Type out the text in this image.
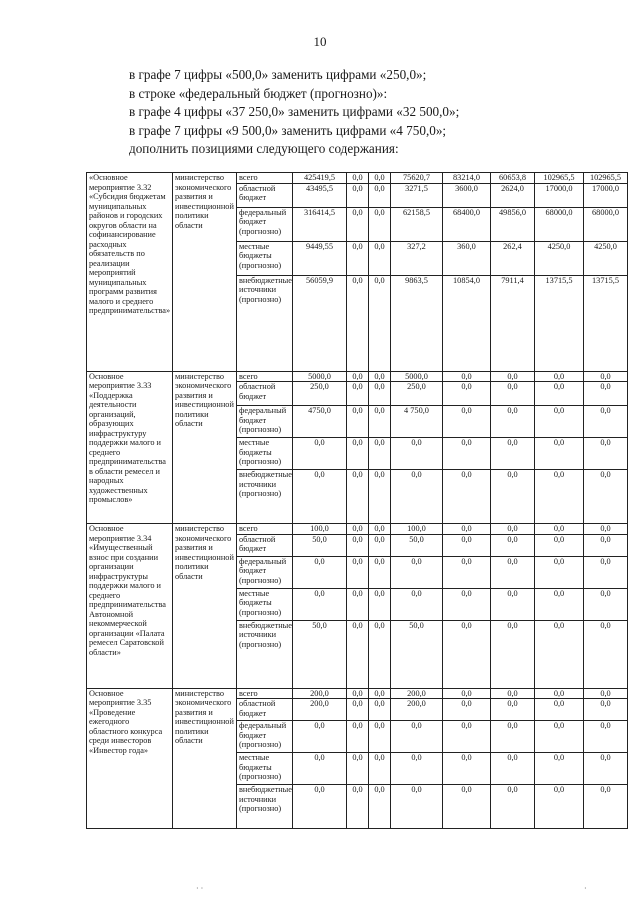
10
в графе 7 цифры «500,0» заменить цифрами «250,0»;
в строке «федеральный бюджет (прогнозно)»:
в графе 4 цифры «37 250,0» заменить цифрами «32 500,0»;
в графе 7 цифры «9 500,0» заменить цифрами «4 750,0»;
дополнить позициями следующего содержания:
«Основное мероприятие 3.32 «Субсидия бюджетам муниципальных районов и городских округов области на софинансирование расходных обязательств по реализации мероприятий муниципальных программ развития малого и среднего предпринимательства»	министерство экономического развития и инвестиционной политики области	всего	425419,5	0,0	0,0	75620,7	83214,0	60653,8	102965,5	102965,5
		областной бюджет	43495,5	0,0	0,0	3271,5	3600,0	2624,0	17000,0	17000,0
		федеральный бюджет (прогнозно)	316414,5	0,0	0,0	62158,5	68400,0	49856,0	68000,0	68000,0
		местные бюджеты (прогнозно)	9449,55	0,0	0,0	327,2	360,0	262,4	4250,0	4250,0
		внебюджетные источники (прогнозно)	56059,9	0,0	0,0	9863,5	10854,0	7911,4	13715,5	13715,5
Основное мероприятие 3.33 «Поддержка деятельности организаций, образующих инфраструктуру поддержки малого и среднего предпринимательства в области ремесел и народных художественных промыслов»	министерство экономического развития и инвестиционной политики области	всего	5000,0	0,0	0,0	5000,0	0,0	0,0	0,0	0,0
		областной бюджет	250,0	0,0	0,0	250,0	0,0	0,0	0,0	0,0
		федеральный бюджет (прогнозно)	4750,0	0,0	0,0	4 750,0	0,0	0,0	0,0	0,0
		местные бюджеты (прогнозно)	0,0	0,0	0,0	0,0	0,0	0,0	0,0	0,0
		внебюджетные источники (прогнозно)	0,0	0,0	0,0	0,0	0,0	0,0	0,0	0,0
Основное мероприятие 3.34 «Имущественный взнос при создании организации инфраструктуры поддержки малого и среднего предпринимательства Автономной некоммерческой организации «Палата ремесел Саратовской области»	министерство экономического развития и инвестиционной политики области	всего	100,0	0,0	0,0	100,0	0,0	0,0	0,0	0,0
		областной бюджет	50,0	0,0	0,0	50,0	0,0	0,0	0,0	0,0
		федеральный бюджет (прогнозно)	0,0	0,0	0,0	0,0	0,0	0,0	0,0	0,0
		местные бюджеты (прогнозно)	0,0	0,0	0,0	0,0	0,0	0,0	0,0	0,0
		внебюджетные источники (прогнозно)	50,0	0,0	0,0	50,0	0,0	0,0	0,0	0,0
Основное мероприятие 3.35 «Проведение ежегодного областного конкурса среди инвесторов «Инвестор года»	министерство экономического развития и инвестиционной политики области	всего	200,0	0,0	0,0	200,0	0,0	0,0	0,0	0,0
		областной бюджет	200,0	0,0	0,0	200,0	0,0	0,0	0,0	0,0
		федеральный бюджет (прогнозно)	0,0	0,0	0,0	0,0	0,0	0,0	0,0	0,0
		местные бюджеты (прогнозно)	0,0	0,0	0,0	0,0	0,0	0,0	0,0	0,0
		внебюджетные источники (прогнозно)	0,0	0,0	0,0	0,0	0,0	0,0	0,0	0,0
· ·	·
